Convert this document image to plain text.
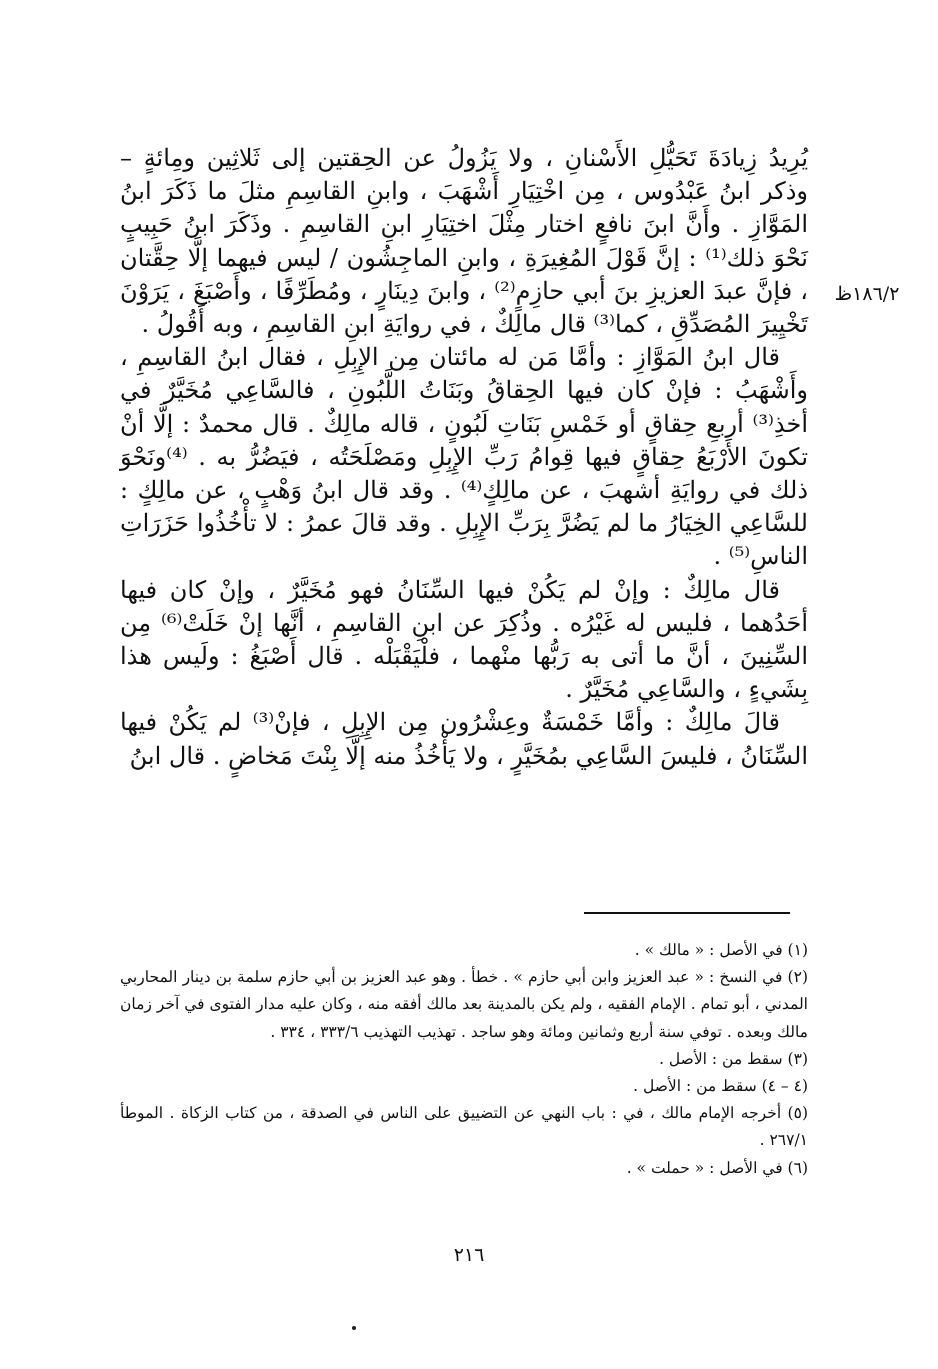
١٨٦/٢ظ

يُرِيدُ زِيادَةَ تَحَيُّلِ الأَسْنانِ ، ولا يَزُولُ عن الحِقتين إلى ثَلاثِين ومِائةٍ – وذكر ابنُ عَبْدُوس ، مِن اخْتِيَارِ أَشْهَبَ ، وابنِ القاسِمِ مثلَ ما ذَكَرَ ابنُ المَوَّازِ . وأَنَّ ابنَ نافعٍ اختار مِثْلَ اختِيَارِ ابنِ القاسِمِ . وذَكَرَ ابنُ حَبِيبٍ نَحْوَ ذلك⁽¹⁾ : إنَّ قَوْلَ المُغِيرَةِ ، وابنِ الماجِشُون / ليس فيهما إلَّا حِقَّتان ، فإنَّ عبدَ العزيزِ بنَ أبي حازِمٍ⁽²⁾ ، وابنَ دِينَارٍ ، ومُطَرِّفًا ، وأَصْبَغَ ، يَرَوْنَ تَخْيِيرَ المُصَدِّقِ ، كما⁽³⁾ قال مالِكٌ ، في روايَةِ ابنِ القاسِمِ ، وبه أَقُولُ .

قال ابنُ المَوَّازِ : وأمَّا مَن له مائتان مِن الإِبِلِ ، فقال ابنُ القاسِمِ ، وأَشْهَبُ : فإنْ كان فيها الحِقاقُ وبَنَاتُ اللَّبُونِ ، فالسَّاعِي مُخَيَّرٌ في أخذِ⁽³⁾ أربعِ حِقاقٍ أو خَمْسِ بَنَاتِ لَبُونٍ ، قاله مالِكٌ . قال محمدٌ : إلَّا أنْ تكونَ الأَرْبَعُ حِقاقٍ فيها قِوامُ رَبِّ الإِبِلِ ومَصْلَحَتُه ، فيَضُرُّ به . ⁽⁴⁾ونَحْوَ ذلك في روايَةِ أشهبَ ، عن مالِكٍ⁽⁴⁾ . وقد قال ابنُ وَهْبٍ ، عن مالِكٍ : للسَّاعِي الخِيَارُ ما لم يَضُرَّ بِرَبِّ الإِبِلِ . وقد قالَ عمرُ : لا تأْخُذُوا حَزَرَاتِ الناسِ⁽⁵⁾ .

قال مالِكٌ : وإنْ لم يَكُنْ فيها السِّنَانُ فهو مُخَيَّرٌ ، وإنْ كان فيها أحَدُهما ، فليس له غَيْرُه . وذُكِرَ عن ابنِ القاسِمِ ، أنَّها إنْ خَلَتْ⁽⁶⁾ مِن السِّنِينَ ، أنَّ ما أتى به رَبُّها منْهما ، فلْيَقْبَلْه . قال أَصْبَغُ : ولَيس هذا بِشَيءٍ ، والسَّاعِي مُخَيَّرٌ .

قالَ مالِكٌ : وأمَّا خَمْسَةٌ وعِشْرُون مِن الإِبِلِ ، فإنْ⁽³⁾ لم يَكُنْ فيها السِّنَانُ ، فليسَ السَّاعِي بمُخَيَّرٍ ، ولا يَأْخُذُ منه إلَّا بِنْتَ مَخاضٍ . قال ابنُ

(١) في الأصل : « مالك » .

(٢) في النسخ : « عبد العزيز وابن أبي حازم » . خطأ . وهو عبد العزيز بن أبي حازم سلمة بن دينار المحاربي المدني ، أبو تمام . الإمام الفقيه ، ولم يكن بالمدينة بعد مالك أفقه منه ، وكان عليه مدار الفتوى في آخر زمان مالك وبعده . توفي سنة أربع وثمانين ومائة وهو ساجد . تهذيب التهذيب ٣٣٣/٦ ، ٣٣٤ .

(٣) سقط من : الأصل .

(٤ – ٤) سقط من : الأصل .

(٥) أخرجه الإمام مالك ، في : باب النهي عن التضييق على الناس في الصدقة ، من كتاب الزكاة . الموطأ ٢٦٧/١ .

(٦) في الأصل : « حملت » .

٢١٦
